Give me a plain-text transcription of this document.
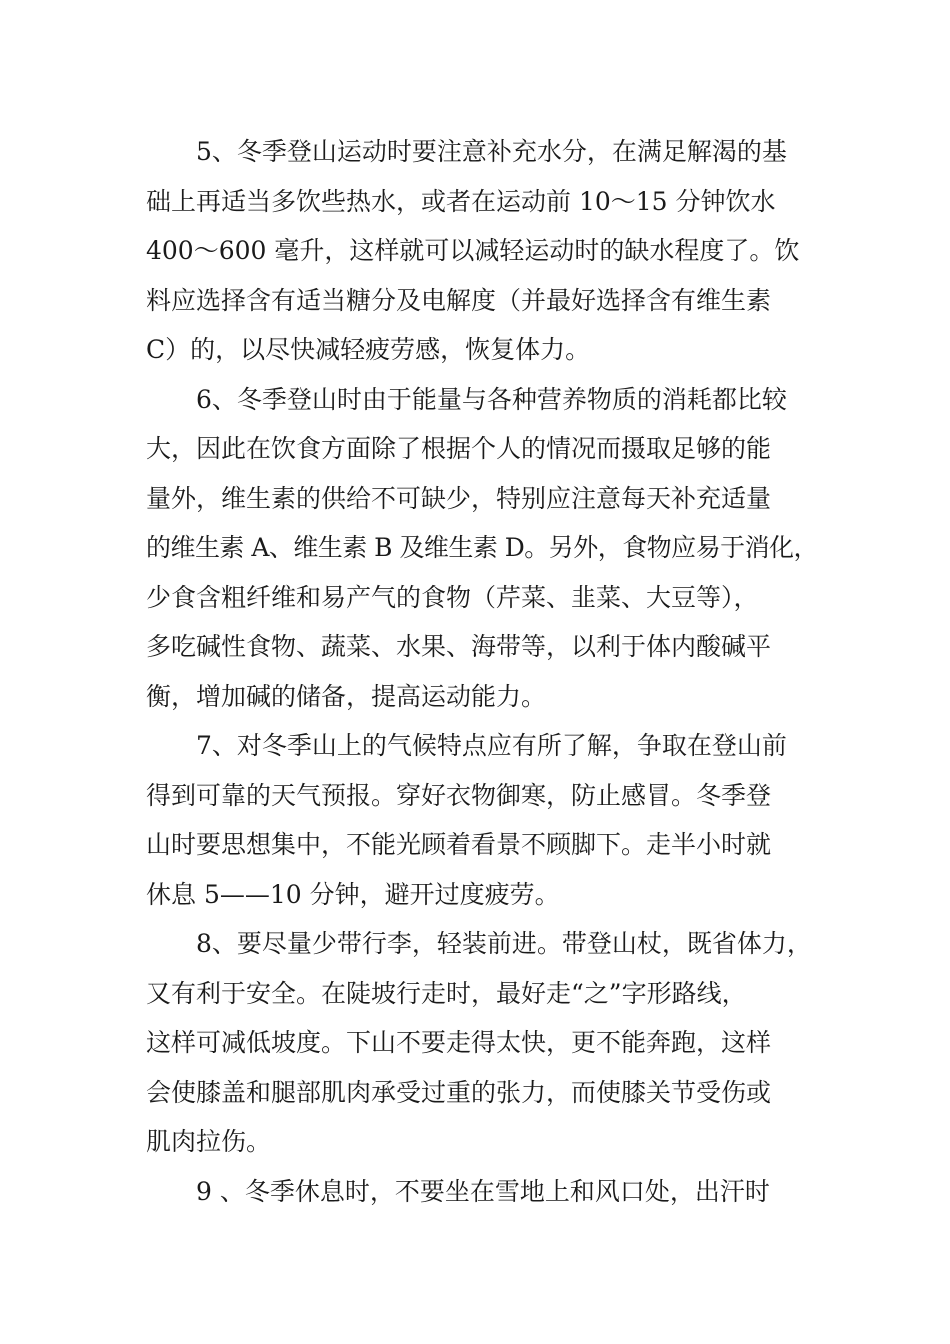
5、冬季登山运动时要注意补充水分，在满足解渴的基
础上再适当多饮些热水，或者在运动前 10～15 分钟饮水
400～600 毫升，这样就可以减轻运动时的缺水程度了。饮
料应选择含有适当糖分及电解度（并最好选择含有维生素
C）的，以尽快减轻疲劳感，恢复体力。
6、冬季登山时由于能量与各种营养物质的消耗都比较
大，因此在饮食方面除了根据个人的情况而摄取足够的能
量外，维生素的供给不可缺少，特别应注意每天补充适量
的维生素 A、维生素 B 及维生素 D。另外，食物应易于消化，
少食含粗纤维和易产气的食物（芹菜、韭菜、大豆等），
多吃碱性食物、蔬菜、水果、海带等，以利于体内酸碱平
衡，增加碱的储备，提高运动能力。
7、对冬季山上的气候特点应有所了解，争取在登山前
得到可靠的天气预报。穿好衣物御寒，防止感冒。冬季登
山时要思想集中，不能光顾着看景不顾脚下。走半小时就
休息 5——10 分钟，避开过度疲劳。
8、要尽量少带行李，轻装前进。带登山杖，既省体力，
又有利于安全。在陡坡行走时，最好走“之”字形路线，
这样可减低坡度。下山不要走得太快，更不能奔跑，这样
会使膝盖和腿部肌肉承受过重的张力，而使膝关节受伤或
肌肉拉伤。
9 、冬季休息时，不要坐在雪地上和风口处，出汗时
